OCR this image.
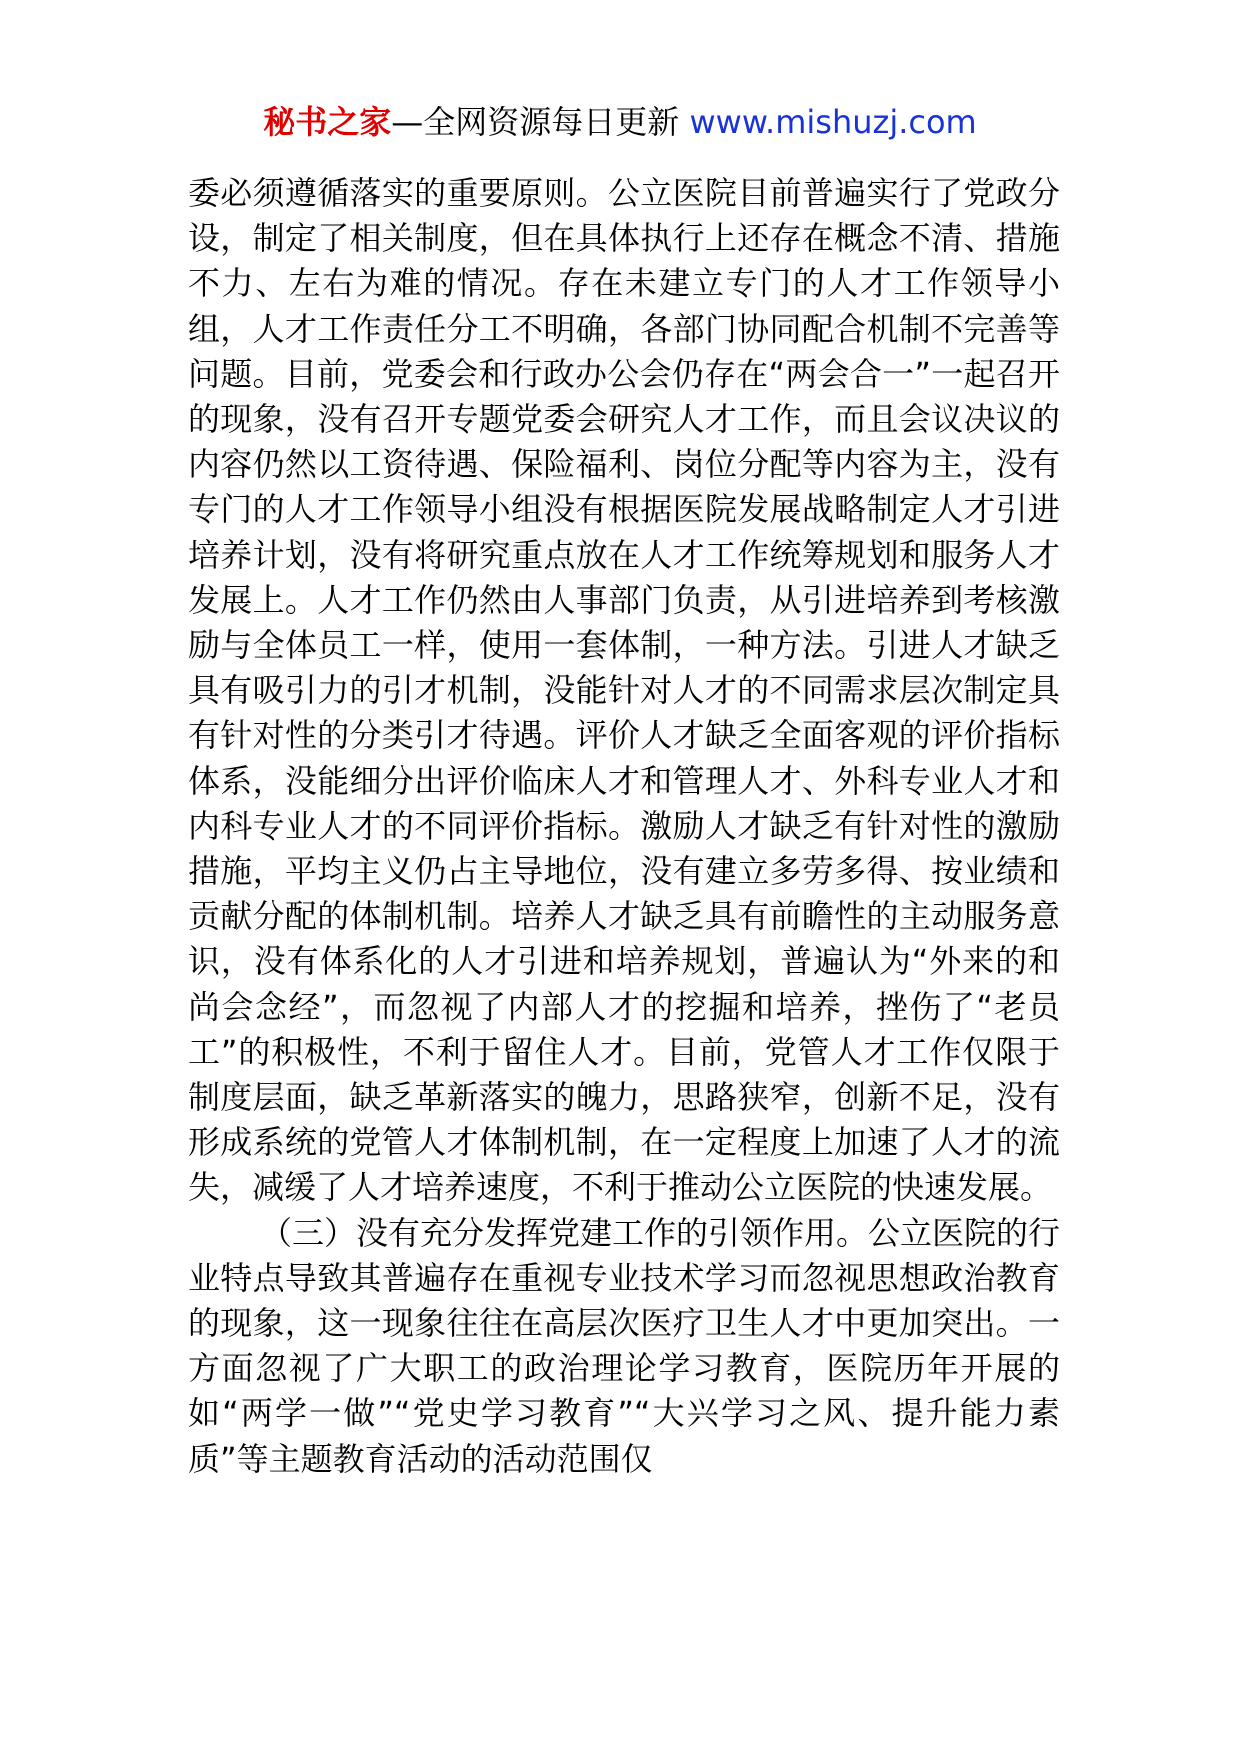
秘书之家—全网资源每日更新 www.mishuzj.com

委必须遵循落实的重要原则。公立医院目前普遍实行了党政分设，制定了相关制度，但在具体执行上还存在概念不清、措施不力、左右为难的情况。存在未建立专门的人才工作领导小组，人才工作责任分工不明确，各部门协同配合机制不完善等问题。目前，党委会和行政办公会仍存在“两会合一”一起召开的现象，没有召开专题党委会研究人才工作，而且会议决议的内容仍然以工资待遇、保险福利、岗位分配等内容为主，没有专门的人才工作领导小组没有根据医院发展战略制定人才引进培养计划，没有将研究重点放在人才工作统筹规划和服务人才发展上。人才工作仍然由人事部门负责，从引进培养到考核激励与全体员工一样，使用一套体制，一种方法。引进人才缺乏具有吸引力的引才机制，没能针对人才的不同需求层次制定具有针对性的分类引才待遇。评价人才缺乏全面客观的评价指标体系，没能细分出评价临床人才和管理人才、外科专业人才和内科专业人才的不同评价指标。激励人才缺乏有针对性的激励措施，平均主义仍占主导地位，没有建立多劳多得、按业绩和贡献分配的体制机制。培养人才缺乏具有前瞻性的主动服务意识，没有体系化的人才引进和培养规划，普遍认为“外来的和尚会念经”，而忽视了内部人才的挖掘和培养，挫伤了“老员工”的积极性，不利于留住人才。目前，党管人才工作仅限于制度层面，缺乏革新落实的魄力，思路狭窄，创新不足，没有形成系统的党管人才体制机制，在一定程度上加速了人才的流失，减缓了人才培养速度，不利于推动公立医院的快速发展。

（三）没有充分发挥党建工作的引领作用。公立医院的行业特点导致其普遍存在重视专业技术学习而忽视思想政治教育的现象，这一现象往往在高层次医疗卫生人才中更加突出。一方面忽视了广大职工的政治理论学习教育，医院历年开展的如“两学一做”“党史学习教育”“大兴学习之风、提升能力素质”等主题教育活动的活动范围仅
